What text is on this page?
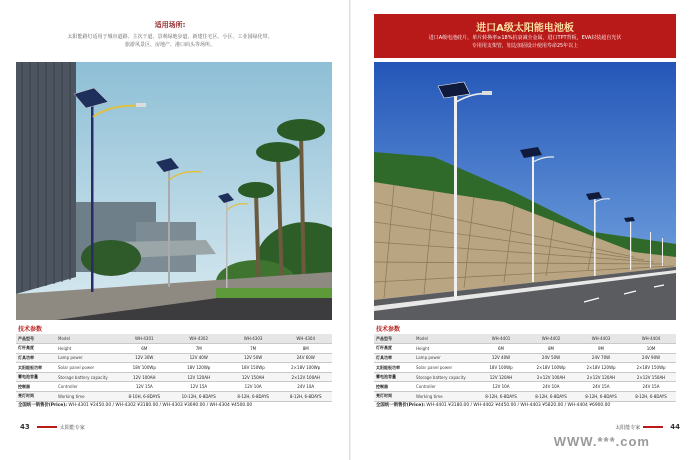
适用场所:
太阳能路灯适用于城市道路、主次干道、景观绿地步道、新建住宅区、小区、工业园绿化带、
旅游风景区、房地产、港口码头等场所。
技术参数
产品型号	Model	WH-4301	WH-4302	WH-4303	WH-4304
灯杆高度	Height	6M	7M	7M	8M
灯具功率	Lamp power	12V 30W	12V 40W	12V 50W	24V 60W
太阳能板功率	Solar panel power	18V 100Wp	18V 120Wp	18V 150Wp	2×18V 100Wp
蓄电池容量	Storage battery capacity	12V 100AH	12V 120AH	12V 150AH	2×12V 100AH
控制器	Controller	12V 15A	12V 15A	12V 10A	24V 10A
亮灯时间	Working time	8-10H, 6-8DAYS	10-12H, 6-8DAYS	8-12H, 6-8DAYS	8-12H, 6-8DAYS
全国统一销售价(Price): WH-4301 ¥2450.00 / WH-4302 ¥3180.00 / WH-4303 ¥3690.00 / WH-4304 ¥4500.00
43	太阳能专家
进口A级太阳能电池板
进口A级电池硅片，单片转换率≥18%抗衰减全金属，进口TPT背板，EVA封装超自光伏
专用用支架管，铝边加固设计使用寿命25年以上
技术参数
产品型号	Model	WH-4401	WH-4402	WH-4403	WH-4404
灯杆高度	Height	6M	8M	9M	10M
灯具功率	Lamp power	12V 40W	24V 50W	24V 70W	24V 90W
太阳能板功率	Solar panel power	18V 100Wp	2×18V 100Wp	2×18V 120Wp	2×18V 150Wp
蓄电池容量	Storage battery capacity	12V 120AH	2×12V 100AH	2×12V 120AH	2×12V 150AH
控制器	Controller	12V 10A	24V 10A	24V 15A	24V 15A
亮灯时间	Working time	8-12H, 6-8DAYS	8-12H, 6-8DAYS	8-12H, 6-8DAYS	8-12H, 6-8DAYS
全国统一销售价(Price): WH-4401 ¥3180.00 / WH-4402 ¥4450.00 / WH-4403 ¥5820.00 / WH-4404 ¥6900.00
太阳能专家	44
WWW.***.com
